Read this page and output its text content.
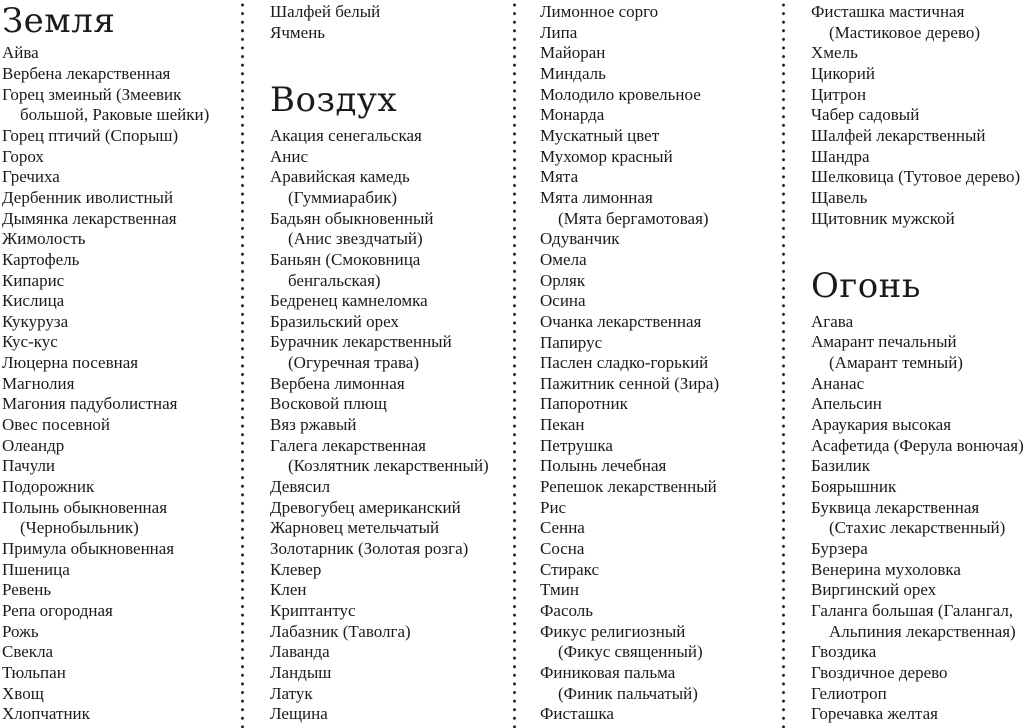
Земля
Айва
Вербена лекарственная
Горец змеиный (Змеевик
большой, Раковые шейки)
Горец птичий (Спорыш)
Горох
Гречиха
Дербенник иволистный
Дымянка лекарственная
Жимолость
Картофель
Кипарис
Кислица
Кукуруза
Кус-кус
Люцерна посевная
Магнолия
Магония падуболистная
Овес посевной
Олеандр
Пачули
Подорожник
Полынь обыкновенная
(Чернобыльник)
Примула обыкновенная
Пшеница
Ревень
Репа огородная
Рожь
Свекла
Тюльпан
Хвощ
Хлопчатник
Шалфей белый
Ячмень
Воздух
Акация сенегальская
Анис
Аравийская камедь
(Гуммиарабик)
Бадьян обыкновенный
(Анис звездчатый)
Баньян (Смоковница
бенгальская)
Бедренец камнеломка
Бразильский орех
Бурачник лекарственный
(Огуречная трава)
Вербена лимонная
Восковой плющ
Вяз ржавый
Галега лекарственная
(Козлятник лекарственный)
Девясил
Древогубец американский
Жарновец метельчатый
Золотарник (Золотая розга)
Клевер
Клен
Криптантус
Лабазник (Таволга)
Лаванда
Ландыш
Латук
Лещина
Лимонное сорго
Липа
Майоран
Миндаль
Молодило кровельное
Монарда
Мускатный цвет
Мухомор красный
Мята
Мята лимонная
(Мята бергамотовая)
Одуванчик
Омела
Орляк
Осина
Очанка лекарственная
Папирус
Паслен сладко-горький
Пажитник сенной (Зира)
Папоротник
Пекан
Петрушка
Полынь лечебная
Репешок лекарственный
Рис
Сенна
Сосна
Стиракс
Тмин
Фасоль
Фикус религиозный
(Фикус священный)
Финиковая пальма
(Финик пальчатый)
Фисташка
Фисташка мастичная
(Мастиковое дерево)
Хмель
Цикорий
Цитрон
Чабер садовый
Шалфей лекарственный
Шандра
Шелковица (Тутовое дерево)
Щавель
Щитовник мужской
Огонь
Агава
Амарант печальный
(Амарант темный)
Ананас
Апельсин
Араукария высокая
Асафетида (Ферула вонючая)
Базилик
Боярышник
Буквица лекарственная
(Стахис лекарственный)
Бурзера
Венерина мухоловка
Виргинский орех
Галанга большая (Галангал,
Альпиния лекарственная)
Гвоздика
Гвоздичное дерево
Гелиотроп
Горечавка желтая
